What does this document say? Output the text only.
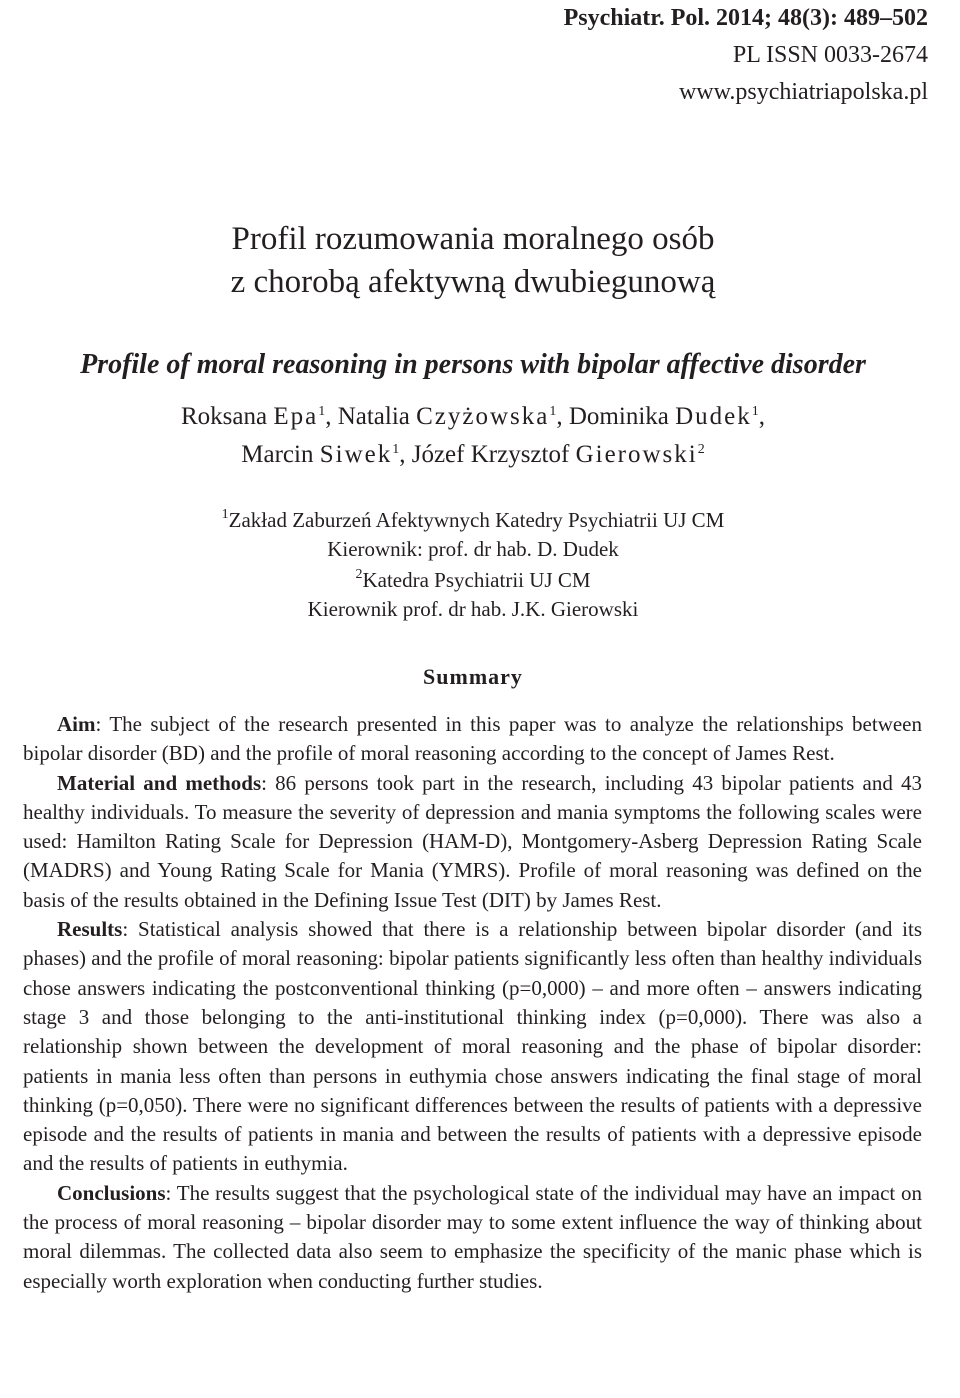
Psychiatr. Pol. 2014; 48(3): 489–502
PL ISSN 0033-2674
www.psychiatriapolska.pl
Profil rozumowania moralnego osób
z chorobą afektywną dwubiegunową
Profile of moral reasoning in persons with bipolar affective disorder
Roksana Epa$^1$, Natalia Czyżowska$^1$, Dominika Dudek$^1$,
Marcin Siwek$^1$, Józef Krzysztof Gierowski$^2$
$^1$Zakład Zaburzeń Afektywnych Katedry Psychiatrii UJ CM
Kierownik: prof. dr hab. D. Dudek
$^2$Katedra Psychiatrii UJ CM
Kierownik prof. dr hab. J.K. Gierowski
Summary

Aim: The subject of the research presented in this paper was to analyze the relationships between bipolar disorder (BD) and the profile of moral reasoning according to the concept of James Rest.

Material and methods: 86 persons took part in the research, including 43 bipolar patients and 43 healthy individuals. To measure the severity of depression and mania symptoms the following scales were used: Hamilton Rating Scale for Depression (HAM-D), Montgomery-Asberg Depression Rating Scale (MADRS) and Young Rating Scale for Mania (YMRS). Profile of moral reasoning was defined on the basis of the results obtained in the Defining Issue Test (DIT) by James Rest.

Results: Statistical analysis showed that there is a relationship between bipolar disorder (and its phases) and the profile of moral reasoning: bipolar patients significantly less often than healthy individuals chose answers indicating the postconventional thinking (p=0,000) – and more often – answers indicating stage 3 and those belonging to the anti-institutional thinking index (p=0,000). There was also a relationship shown between the development of moral reasoning and the phase of bipolar disorder: patients in mania less often than persons in euthymia chose answers indicating the final stage of moral thinking (p=0,050). There were no significant differences between the results of patients with a depressive episode and the results of patients in mania and between the results of patients with a depressive episode and the results of patients in euthymia.

Conclusions: The results suggest that the psychological state of the individual may have an impact on the process of moral reasoning – bipolar disorder may to some extent influence the way of thinking about moral dilemmas. The collected data also seem to emphasize the specificity of the manic phase which is especially worth exploration when conducting further studies.
